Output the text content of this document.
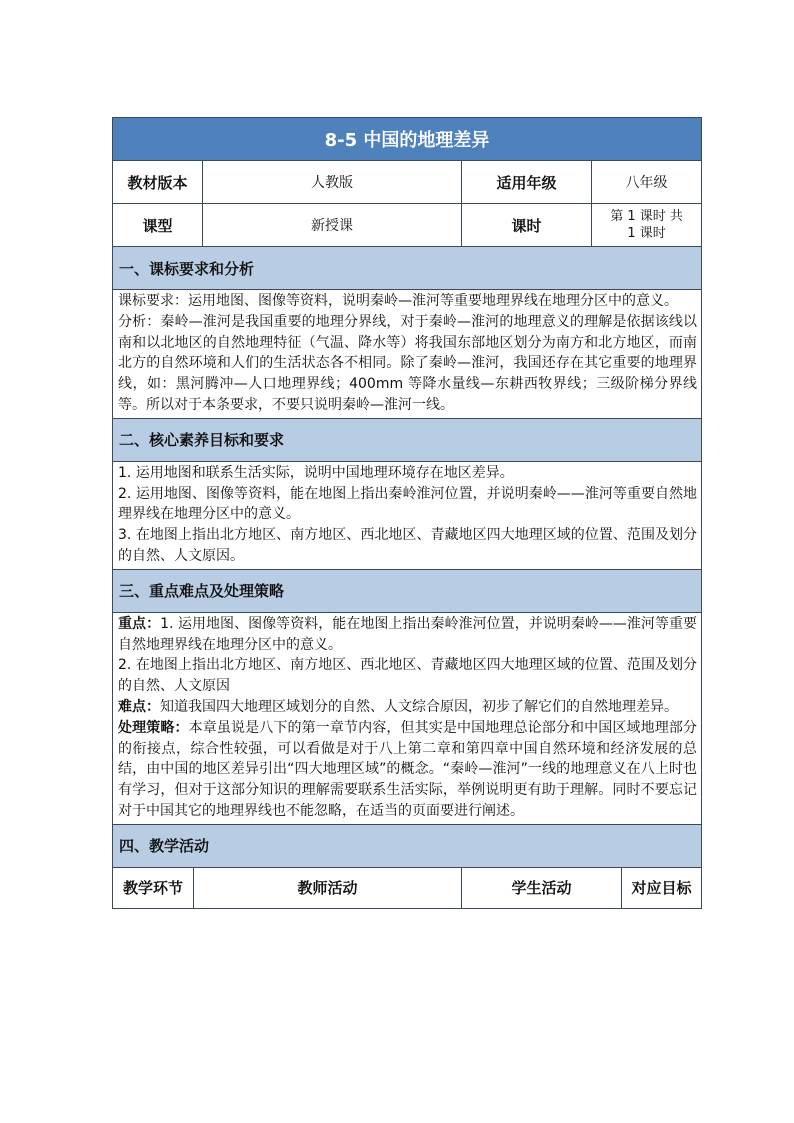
8-5 中国的地理差异			
教材版本	人教版	适用年级	八年级
课型	新授课	课时	第 1 课时 共
1 课时

一、课标要求和分析			

课标要求：运用地图、图像等资料，说明秦岭—淮河等重要地理界线在地理分区中的意义。

分析：秦岭—淮河是我国重要的地理分界线，对于秦岭—淮河的地理意义的理解是依据该线以南和以北地区的自然地理特征（气温、降水等）将我国东部地区划分为南方和北方地区，而南北方的自然环境和人们的生活状态各不相同。除了秦岭—淮河，我国还存在其它重要的地理界线，如：黑河腾冲—人口地理界线；400mm 等降水量线—东耕西牧界线；三级阶梯分界线等。所以对于本条要求，不要只说明秦岭—淮河一线。			

二、核心素养目标和要求			

1. 运用地图和联系生活实际，说明中国地理环境存在地区差异。

2. 运用地图、图像等资料，能在地图上指出秦岭淮河位置，并说明秦岭——淮河等重要自然地理界线在地理分区中的意义。

3. 在地图上指出北方地区、南方地区、西北地区、青藏地区四大地理区域的位置、范围及划分的自然、人文原因。			

三、重点难点及处理策略			

重点：1. 运用地图、图像等资料，能在地图上指出秦岭淮河位置，并说明秦岭——淮河等重要自然地理界线在地理分区中的意义。

2. 在地图上指出北方地区、南方地区、西北地区、青藏地区四大地理区域的位置、范围及划分的自然、人文原因

难点：知道我国四大地理区域划分的自然、人文综合原因，初步了解它们的自然地理差异。

处理策略：本章虽说是八下的第一章节内容，但其实是中国地理总论部分和中国区域地理部分的衔接点，综合性较强，可以看做是对于八上第二章和第四章中国自然环境和经济发展的总结，由中国的地区差异引出“四大地理区域”的概念。“秦岭—淮河”一线的地理意义在八上时也有学习，但对于这部分知识的理解需要联系生活实际，举例说明更有助于理解。同时不要忘记对于中国其它的地理界线也不能忽略，在适当的页面要进行阐述。			

四、教学活动			
教学环节	教师活动	学生活动	对应目标
